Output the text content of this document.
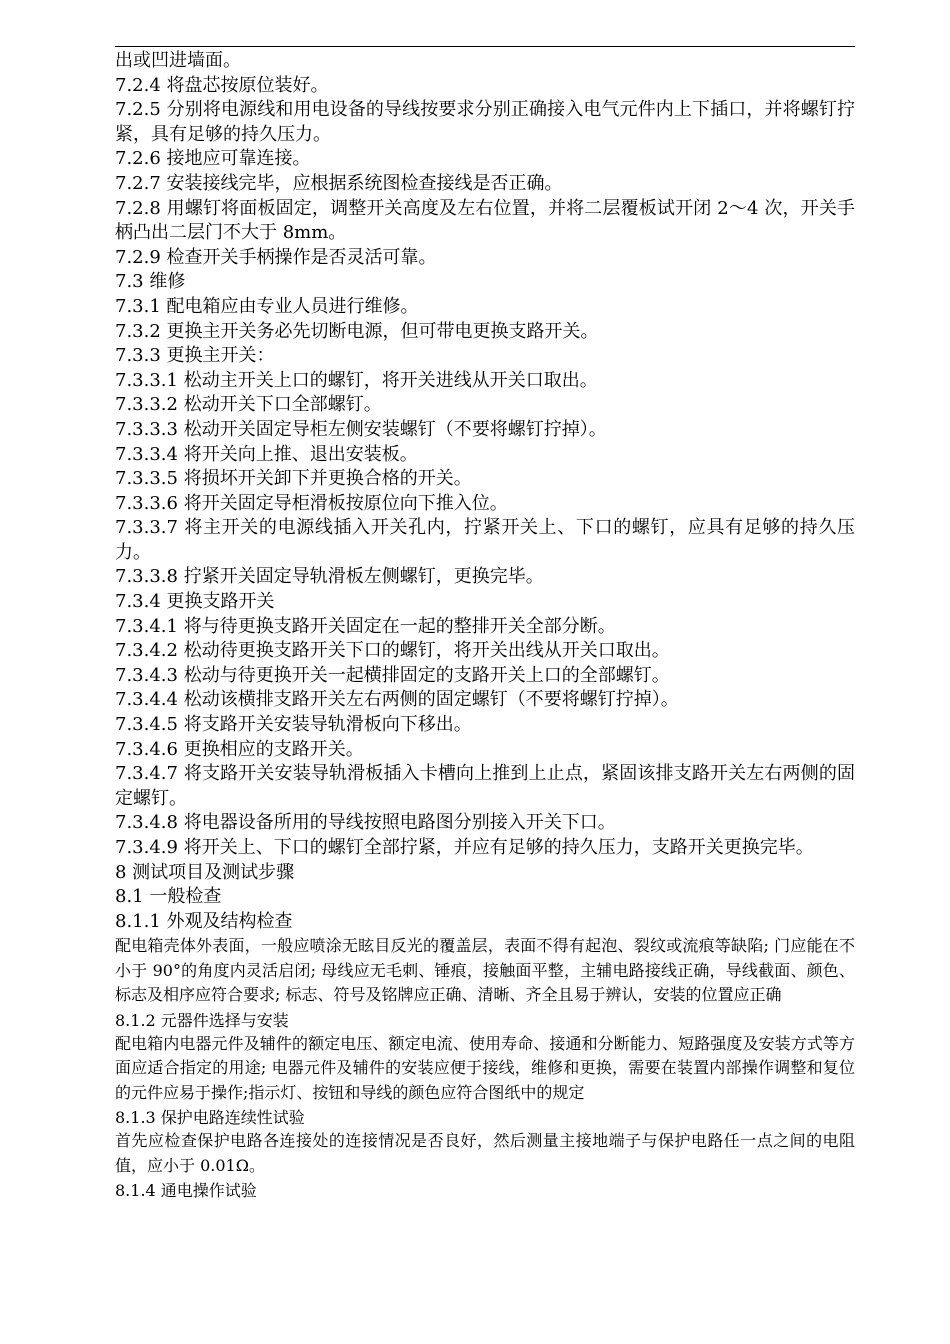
出或凹进墙面。
7.2.4 将盘芯按原位装好。
7.2.5 分别将电源线和用电设备的导线按要求分别正确接入电气元件内上下插口，并将螺钉拧紧，具有足够的持久压力。
7.2.6 接地应可靠连接。
7.2.7 安装接线完毕，应根据系统图检查接线是否正确。
7.2.8 用螺钉将面板固定，调整开关高度及左右位置，并将二层覆板试开闭 2～4 次，开关手柄凸出二层门不大于 8mm。
7.2.9 检查开关手柄操作是否灵活可靠。
7.3 维修
7.3.1 配电箱应由专业人员进行维修。
7.3.2 更换主开关务必先切断电源，但可带电更换支路开关。
7.3.3 更换主开关：
7.3.3.1 松动主开关上口的螺钉，将开关进线从开关口取出。
7.3.3.2 松动开关下口全部螺钉。
7.3.3.3 松动开关固定导柜左侧安装螺钉（不要将螺钉拧掉）。
7.3.3.4 将开关向上推、退出安装板。
7.3.3.5 将损坏开关卸下并更换合格的开关。
7.3.3.6 将开关固定导柜滑板按原位向下推入位。
7.3.3.7 将主开关的电源线插入开关孔内，拧紧开关上、下口的螺钉，应具有足够的持久压力。
7.3.3.8 拧紧开关固定导轨滑板左侧螺钉，更换完毕。
7.3.4 更换支路开关
7.3.4.1 将与待更换支路开关固定在一起的整排开关全部分断。
7.3.4.2 松动待更换支路开关下口的螺钉，将开关出线从开关口取出。
7.3.4.3 松动与待更换开关一起横排固定的支路开关上口的全部螺钉。
7.3.4.4 松动该横排支路开关左右两侧的固定螺钉（不要将螺钉拧掉）。
7.3.4.5 将支路开关安装导轨滑板向下移出。
7.3.4.6 更换相应的支路开关。
7.3.4.7 将支路开关安装导轨滑板插入卡槽向上推到上止点，紧固该排支路开关左右两侧的固定螺钉。
7.3.4.8 将电器设备所用的导线按照电路图分别接入开关下口。
7.3.4.9 将开关上、下口的螺钉全部拧紧，并应有足够的持久压力，支路开关更换完毕。
8 测试项目及测试步骤
8.1 一般检查
8.1.1 外观及结构检查
配电箱壳体外表面，一般应喷涂无眩目反光的覆盖层，表面不得有起泡、裂纹或流痕等缺陷; 门应能在不小于 90°的角度内灵活启闭; 母线应无毛刺、锤痕，接触面平整，主辅电路接线正确，导线截面、颜色、标志及相序应符合要求; 标志、符号及铭牌应正确、清晰、齐全且易于辨认，安装的位置应正确
8.1.2 元器件选择与安装
配电箱内电器元件及辅件的额定电压、额定电流、使用寿命、接通和分断能力、短路强度及安装方式等方面应适合指定的用途; 电器元件及辅件的安装应便于接线，维修和更换，需要在装置内部操作调整和复位的元件应易于操作;指示灯、按钮和导线的颜色应符合图纸中的规定
8.1.3 保护电路连续性试验
首先应检查保护电路各连接处的连接情况是否良好，然后测量主接地端子与保护电路任一点之间的电阻值，应小于 0.01Ω。
8.1.4 通电操作试验
